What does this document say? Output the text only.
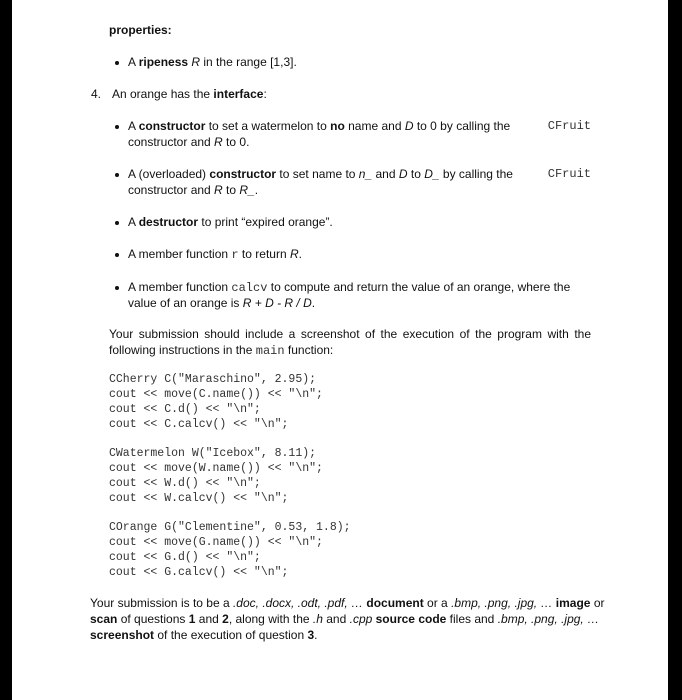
properties:
A ripeness R in the range [1,3].
4. An orange has the interface:
A constructor to set a watermelon to no name and D to 0 by calling the	CFruit
constructor and R to 0.
A (overloaded) constructor to set name to n_ and D to D_ by calling the	CFruit
constructor and R to R_.
A destructor to print “expired orange”.
A member function r to return R.
A member function calcv to compute and return the value of an orange, where the
value of an orange is R + D - R / D.
Your submission should include a screenshot of the execution of the program with the
following instructions in the main function:
CCherry C("Maraschino", 2.95);
cout << move(C.name()) << "\n";
cout << C.d() << "\n";
cout << C.calcv() << "\n";
CWatermelon W("Icebox", 8.11);
cout << move(W.name()) << "\n";
cout << W.d() << "\n";
cout << W.calcv() << "\n";
COrange G("Clementine", 0.53, 1.8);
cout << move(G.name()) << "\n";
cout << G.d() << "\n";
cout << G.calcv() << "\n";
Your submission is to be a .doc, .docx, .odt, .pdf, … document or a .bmp, .png, .jpg, … image or
scan of questions 1 and 2, along with the .h and .cpp source code files and .bmp, .png, .jpg, …
screenshot of the execution of question 3.
